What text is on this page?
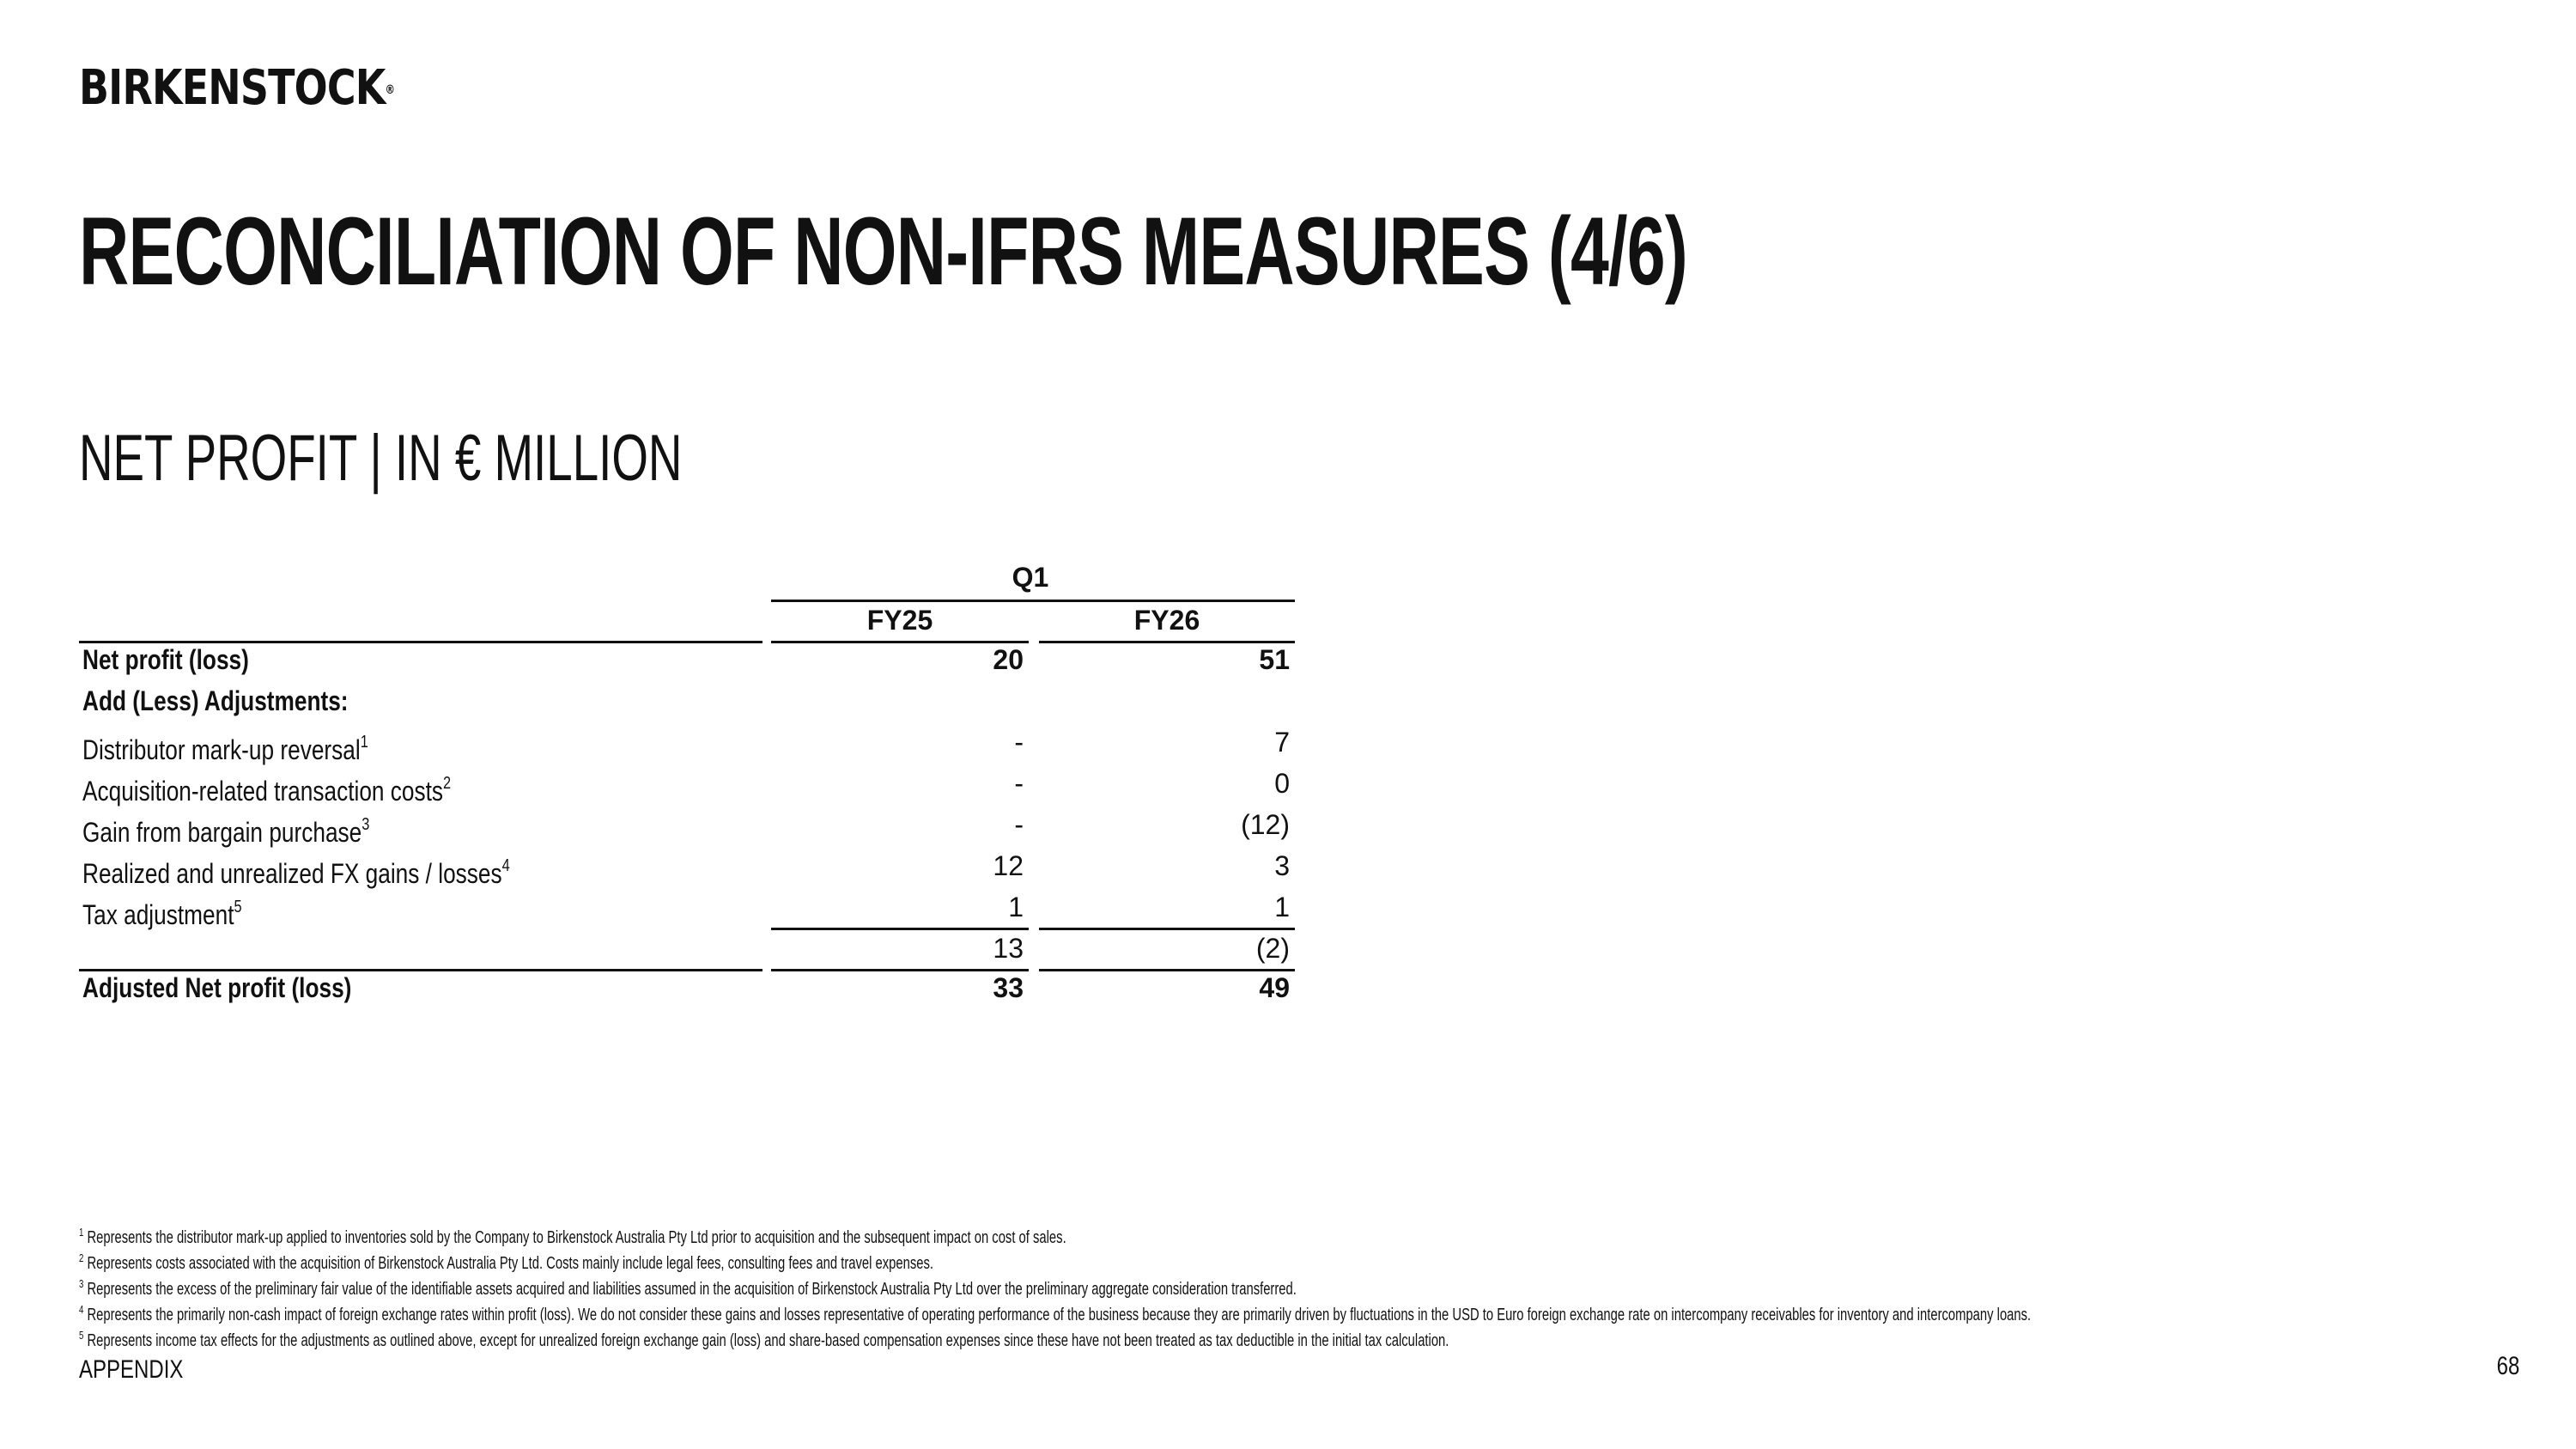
BIRKENSTOCK®
RECONCILIATION OF NON-IFRS MEASURES (4/6)
NET PROFIT | IN € MILLION
Q1
FY25	FY26
Net profit (loss)	20	51
Add (Less) Adjustments:
Distributor mark-up reversal$^1$	-	7
Acquisition-related transaction costs$^2$	-	0
Gain from bargain purchase$^3$	-	(12)
Realized and unrealized FX gains / losses$^4$	12	3
Tax adjustment$^5$	1	1
13	(2)
Adjusted Net profit (loss)	33	49
$^1$ Represents the distributor mark-up applied to inventories sold by the Company to Birkenstock Australia Pty Ltd prior to acquisition and the subsequent impact on cost of sales.
$^2$ Represents costs associated with the acquisition of Birkenstock Australia Pty Ltd. Costs mainly include legal fees, consulting fees and travel expenses.
$^3$ Represents the excess of the preliminary fair value of the identifiable assets acquired and liabilities assumed in the acquisition of Birkenstock Australia Pty Ltd over the preliminary aggregate consideration transferred.
$^4$ Represents the primarily non-cash impact of foreign exchange rates within profit (loss). We do not consider these gains and losses representative of operating performance of the business because they are primarily driven by fluctuations in the USD to Euro foreign exchange rate on intercompany receivables for inventory and intercompany loans.
$^5$ Represents income tax effects for the adjustments as outlined above, except for unrealized foreign exchange gain (loss) and share-based compensation expenses since these have not been treated as tax deductible in the initial tax calculation.
APPENDIX	68
